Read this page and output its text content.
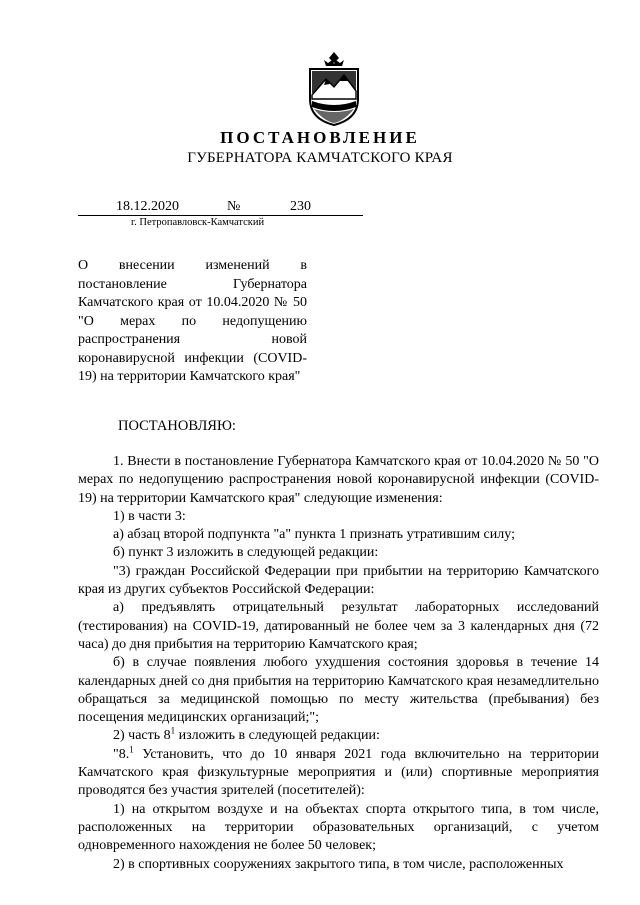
ПОСТАНОВЛЕНИЕ
ГУБЕРНАТОРА КАМЧАТСКОГО КРАЯ
18.12.2020	№	230
г. Петропавловск-Камчатский
О внесении изменений в постановление Губернатора Камчатского края от 10.04.2020 № 50 "О мерах по недопущению распространения новой коронавирусной инфекции (COVID-19) на территории Камчатского края"
ПОСТАНОВЛЯЮ:

1. Внести в постановление Губернатора Камчатского края от 10.04.2020 № 50 "О мерах по недопущению распространения новой коронавирусной инфекции (COVID-19) на территории Камчатского края" следующие изменения:

1) в части 3:

а) абзац второй подпункта "а" пункта 1 признать утратившим силу;

б) пункт 3 изложить в следующей редакции:

"3) граждан Российской Федерации при прибытии на территорию Камчатского края из других субъектов Российской Федерации:

а) предъявлять отрицательный результат лабораторных исследований (тестирования) на COVID-19, датированный не более чем за 3 календарных дня (72 часа) до дня прибытия на территорию Камчатского края;

б) в случае появления любого ухудшения состояния здоровья в течение 14 календарных дней со дня прибытия на территорию Камчатского края незамедлительно обращаться за медицинской помощью по месту жительства (пребывания) без посещения медицинских организаций;";

2) часть $8^1$ изложить в следующей редакции:

"8.$^1$ Установить, что до 10 января 2021 года включительно на территории Камчатского края физкультурные мероприятия и (или) спортивные мероприятия проводятся без участия зрителей (посетителей):

1) на открытом воздухе и на объектах спорта открытого типа, в том числе, расположенных на территории образовательных организаций, с учетом одновременного нахождения не более 50 человек;

2) в спортивных сооружениях закрытого типа, в том числе, расположенных
